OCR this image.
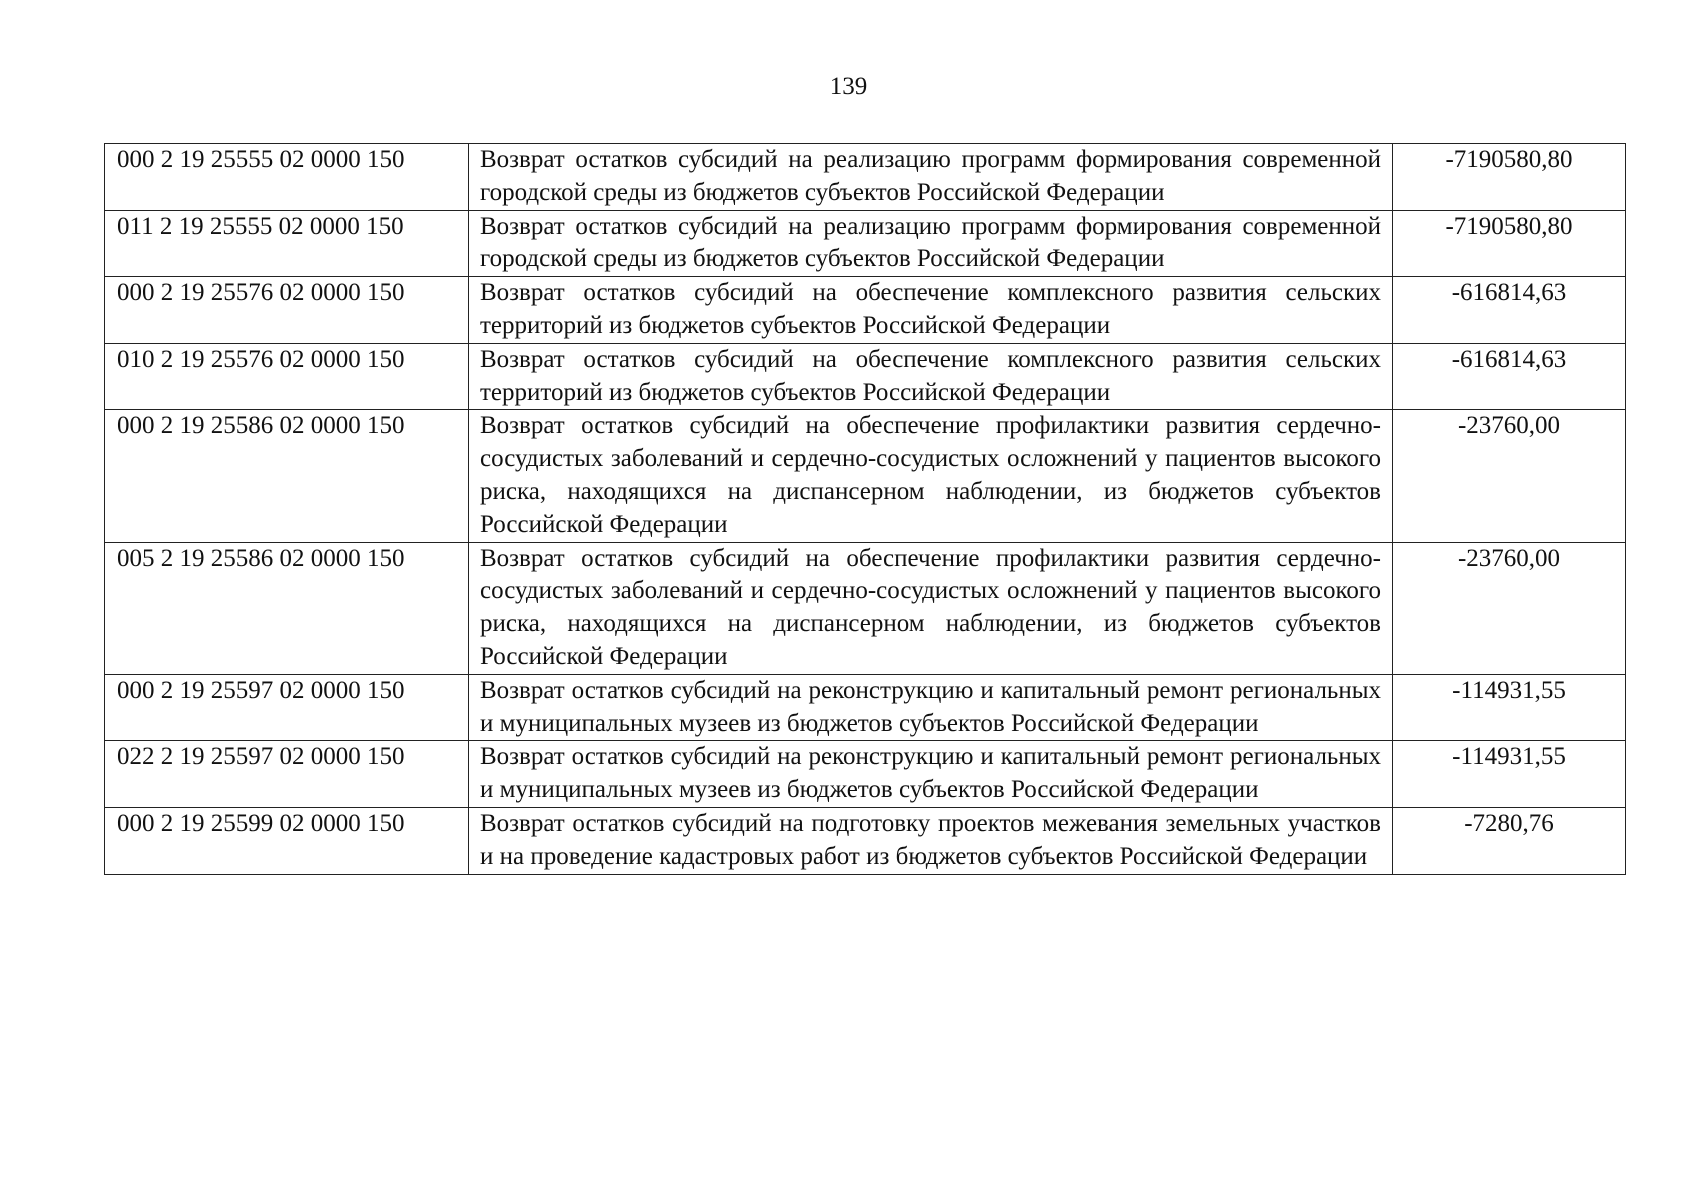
139
000 2 19 25555 02 0000 150	Возврат остатков субсидий на реализацию программ формирования современной городской среды из бюджетов субъектов Российской Федерации	-7190580,80
011 2 19 25555 02 0000 150	Возврат остатков субсидий на реализацию программ формирования современной городской среды из бюджетов субъектов Российской Федерации	-7190580,80
000 2 19 25576 02 0000 150	Возврат остатков субсидий на обеспечение комплексного развития сельских территорий из бюджетов субъектов Российской Федерации	-616814,63
010 2 19 25576 02 0000 150	Возврат остатков субсидий на обеспечение комплексного развития сельских территорий из бюджетов субъектов Российской Федерации	-616814,63
000 2 19 25586 02 0000 150	Возврат остатков субсидий на обеспечение профилактики развития сердечно-сосудистых заболеваний и сердечно-сосудистых осложнений у пациентов высокого риска, находящихся на диспансерном наблюдении, из бюджетов субъектов Российской Федерации	-23760,00
005 2 19 25586 02 0000 150	Возврат остатков субсидий на обеспечение профилактики развития сердечно-сосудистых заболеваний и сердечно-сосудистых осложнений у пациентов высокого риска, находящихся на диспансерном наблюдении, из бюджетов субъектов Российской Федерации	-23760,00
000 2 19 25597 02 0000 150	Возврат остатков субсидий на реконструкцию и капитальный ремонт региональных и муниципальных музеев из бюджетов субъектов Российской Федерации	-114931,55
022 2 19 25597 02 0000 150	Возврат остатков субсидий на реконструкцию и капитальный ремонт региональных и муниципальных музеев из бюджетов субъектов Российской Федерации	-114931,55
000 2 19 25599 02 0000 150	Возврат остатков субсидий на подготовку проектов межевания земельных участков и на проведение кадастровых работ из бюджетов субъектов Российской Федерации	-7280,76
